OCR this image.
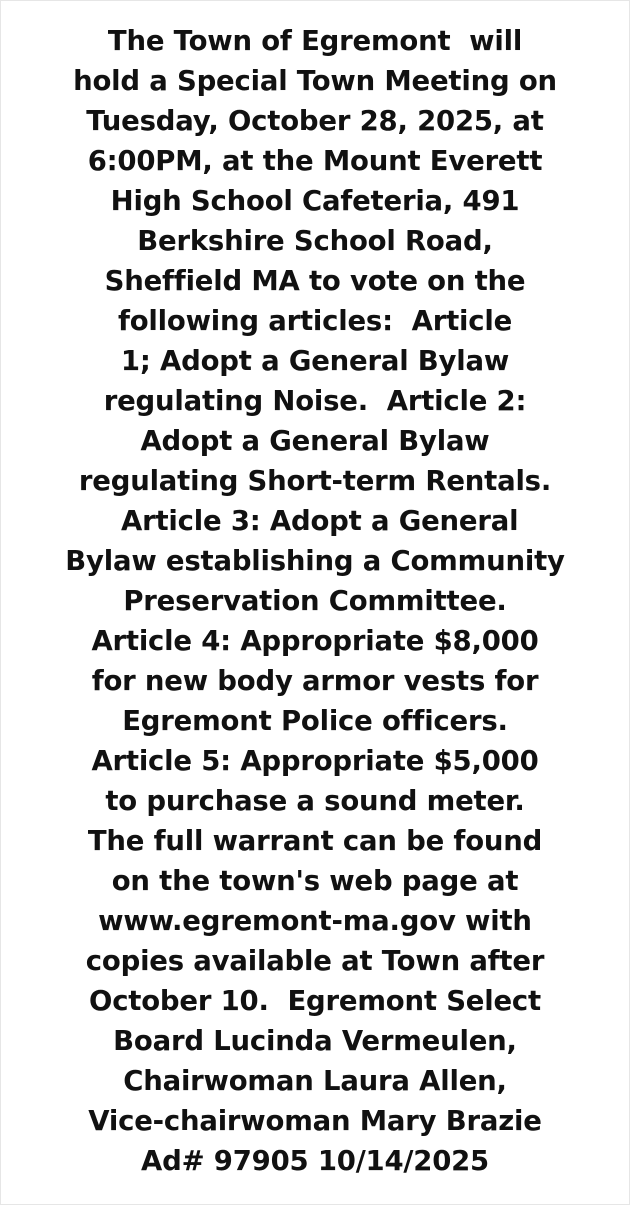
The Town of Egremont  will
hold a Special Town Meeting on
Tuesday, October 28, 2025, at
6:00PM, at the Mount Everett
High School Cafeteria, 491
Berkshire School Road,
Sheffield MA to vote on the
following articles:  Article
1; Adopt a General Bylaw
regulating Noise.  Article 2:
Adopt a General Bylaw
regulating Short-term Rentals.
Article 3: Adopt a General
Bylaw establishing a Community
Preservation Committee.
Article 4: Appropriate $8,000
for new body armor vests for
Egremont Police officers.
Article 5: Appropriate $5,000
to purchase a sound meter.
The full warrant can be found
on the town's web page at
www.egremont-ma.gov with
copies available at Town after
October 10.  Egremont Select
Board Lucinda Vermeulen,
Chairwoman Laura Allen,
Vice-chairwoman Mary Brazie
Ad# 97905 10/14/2025
